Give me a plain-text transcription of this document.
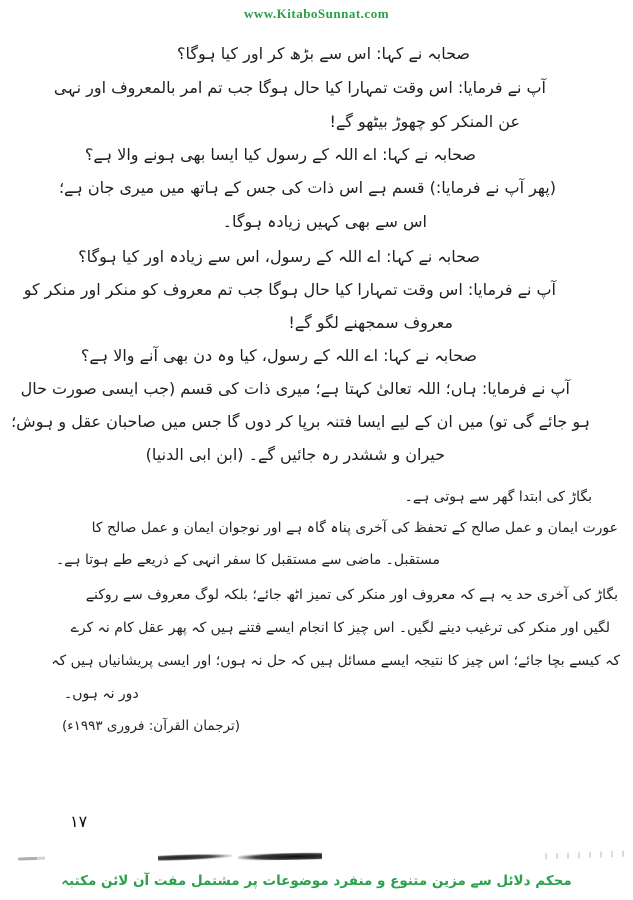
www.KitaboSunnat.com
صحابہ نے کہا: اس سے بڑھ کر اور کیا ہوگا؟
آپ نے فرمایا: اس وقت تمہارا کیا حال ہوگا جب تم امر بالمعروف اور نہی
عن المنکر کو چھوڑ بیٹھو گے!
صحابہ نے کہا: اے اللہ کے رسول کیا ایسا بھی ہونے والا ہے؟
(پھر آپ نے فرمایا:) قسم ہے اس ذات کی جس کے ہاتھ میں میری جان ہے؛
اس سے بھی کہیں زیادہ ہوگا۔
صحابہ نے کہا: اے اللہ کے رسول، اس سے زیادہ اور کیا ہوگا؟
آپ نے فرمایا: اس وقت تمہارا کیا حال ہوگا جب تم معروف کو منکر اور منکر کو
معروف سمجھنے لگو گے!
صحابہ نے کہا: اے اللہ کے رسول، کیا وہ دن بھی آنے والا ہے؟
آپ نے فرمایا: ہاں؛ اللہ تعالیٰ کہتا ہے؛ میری ذات کی قسم (جب ایسی صورت حال
ہو جائے گی تو) میں ان کے لیے ایسا فتنہ برپا کر دوں گا جس میں صاحبان عقل و ہوش؛
حیران و ششدر رہ جائیں گے۔ (ابن ابی الدنیا)
بگاڑ کی ابتدا گھر سے ہوتی ہے۔
عورت ایمان و عمل صالح کے تحفظ کی آخری پناہ گاہ ہے اور نوجوان ایمان و عمل صالح کا
مستقبل۔ ماضی سے مستقبل کا سفر انہی کے ذریعے طے ہوتا ہے۔
بگاڑ کی آخری حد یہ ہے کہ معروف اور منکر کی تمیز اٹھ جائے؛ بلکہ لوگ معروف سے روکنے
لگیں اور منکر کی ترغیب دینے لگیں۔ اس چیز کا انجام ایسے فتنے ہیں کہ پھر عقل کام نہ کرے
کہ کیسے بچا جائے؛ اس چیز کا نتیجہ ایسے مسائل ہیں کہ حل نہ ہوں؛ اور ایسی پریشانیاں ہیں کہ
دور نہ ہوں۔
(ترجمان القرآن: فروری ۱۹۹۳ء)
۱۷
محکم دلائل سے مزین متنوع و منفرد موضوعات پر مشتمل مفت آن لائن مکتبہ
